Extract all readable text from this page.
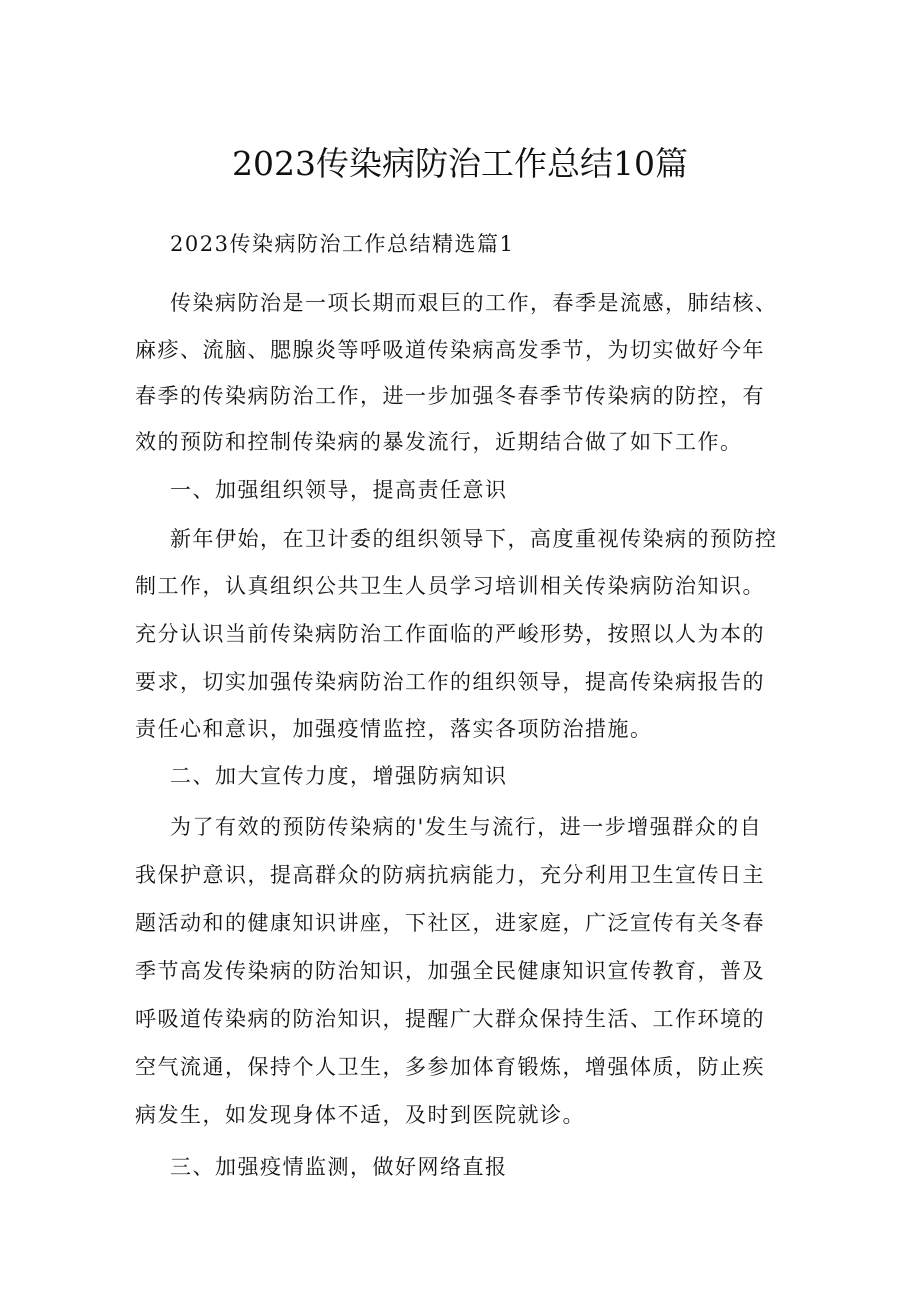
2023传染病防治工作总结10篇

2023传染病防治工作总结精选篇1

传染病防治是一项长期而艰巨的工作，春季是流感，肺结核、

麻疹、流脑、腮腺炎等呼吸道传染病高发季节，为切实做好今年

春季的传染病防治工作，进一步加强冬春季节传染病的防控，有

效的预防和控制传染病的暴发流行，近期结合做了如下工作。

一、加强组织领导，提高责任意识

新年伊始，在卫计委的组织领导下，高度重视传染病的预防控

制工作，认真组织公共卫生人员学习培训相关传染病防治知识。

充分认识当前传染病防治工作面临的严峻形势，按照以人为本的

要求，切实加强传染病防治工作的组织领导，提高传染病报告的

责任心和意识，加强疫情监控，落实各项防治措施。

二、加大宣传力度，增强防病知识

为了有效的预防传染病的'发生与流行，进一步增强群众的自

我保护意识，提高群众的防病抗病能力，充分利用卫生宣传日主

题活动和的健康知识讲座，下社区，进家庭，广泛宣传有关冬春

季节高发传染病的防治知识，加强全民健康知识宣传教育，普及

呼吸道传染病的防治知识，提醒广大群众保持生活、工作环境的

空气流通，保持个人卫生，多参加体育锻炼，增强体质，防止疾

病发生，如发现身体不适，及时到医院就诊。

三、加强疫情监测，做好网络直报
